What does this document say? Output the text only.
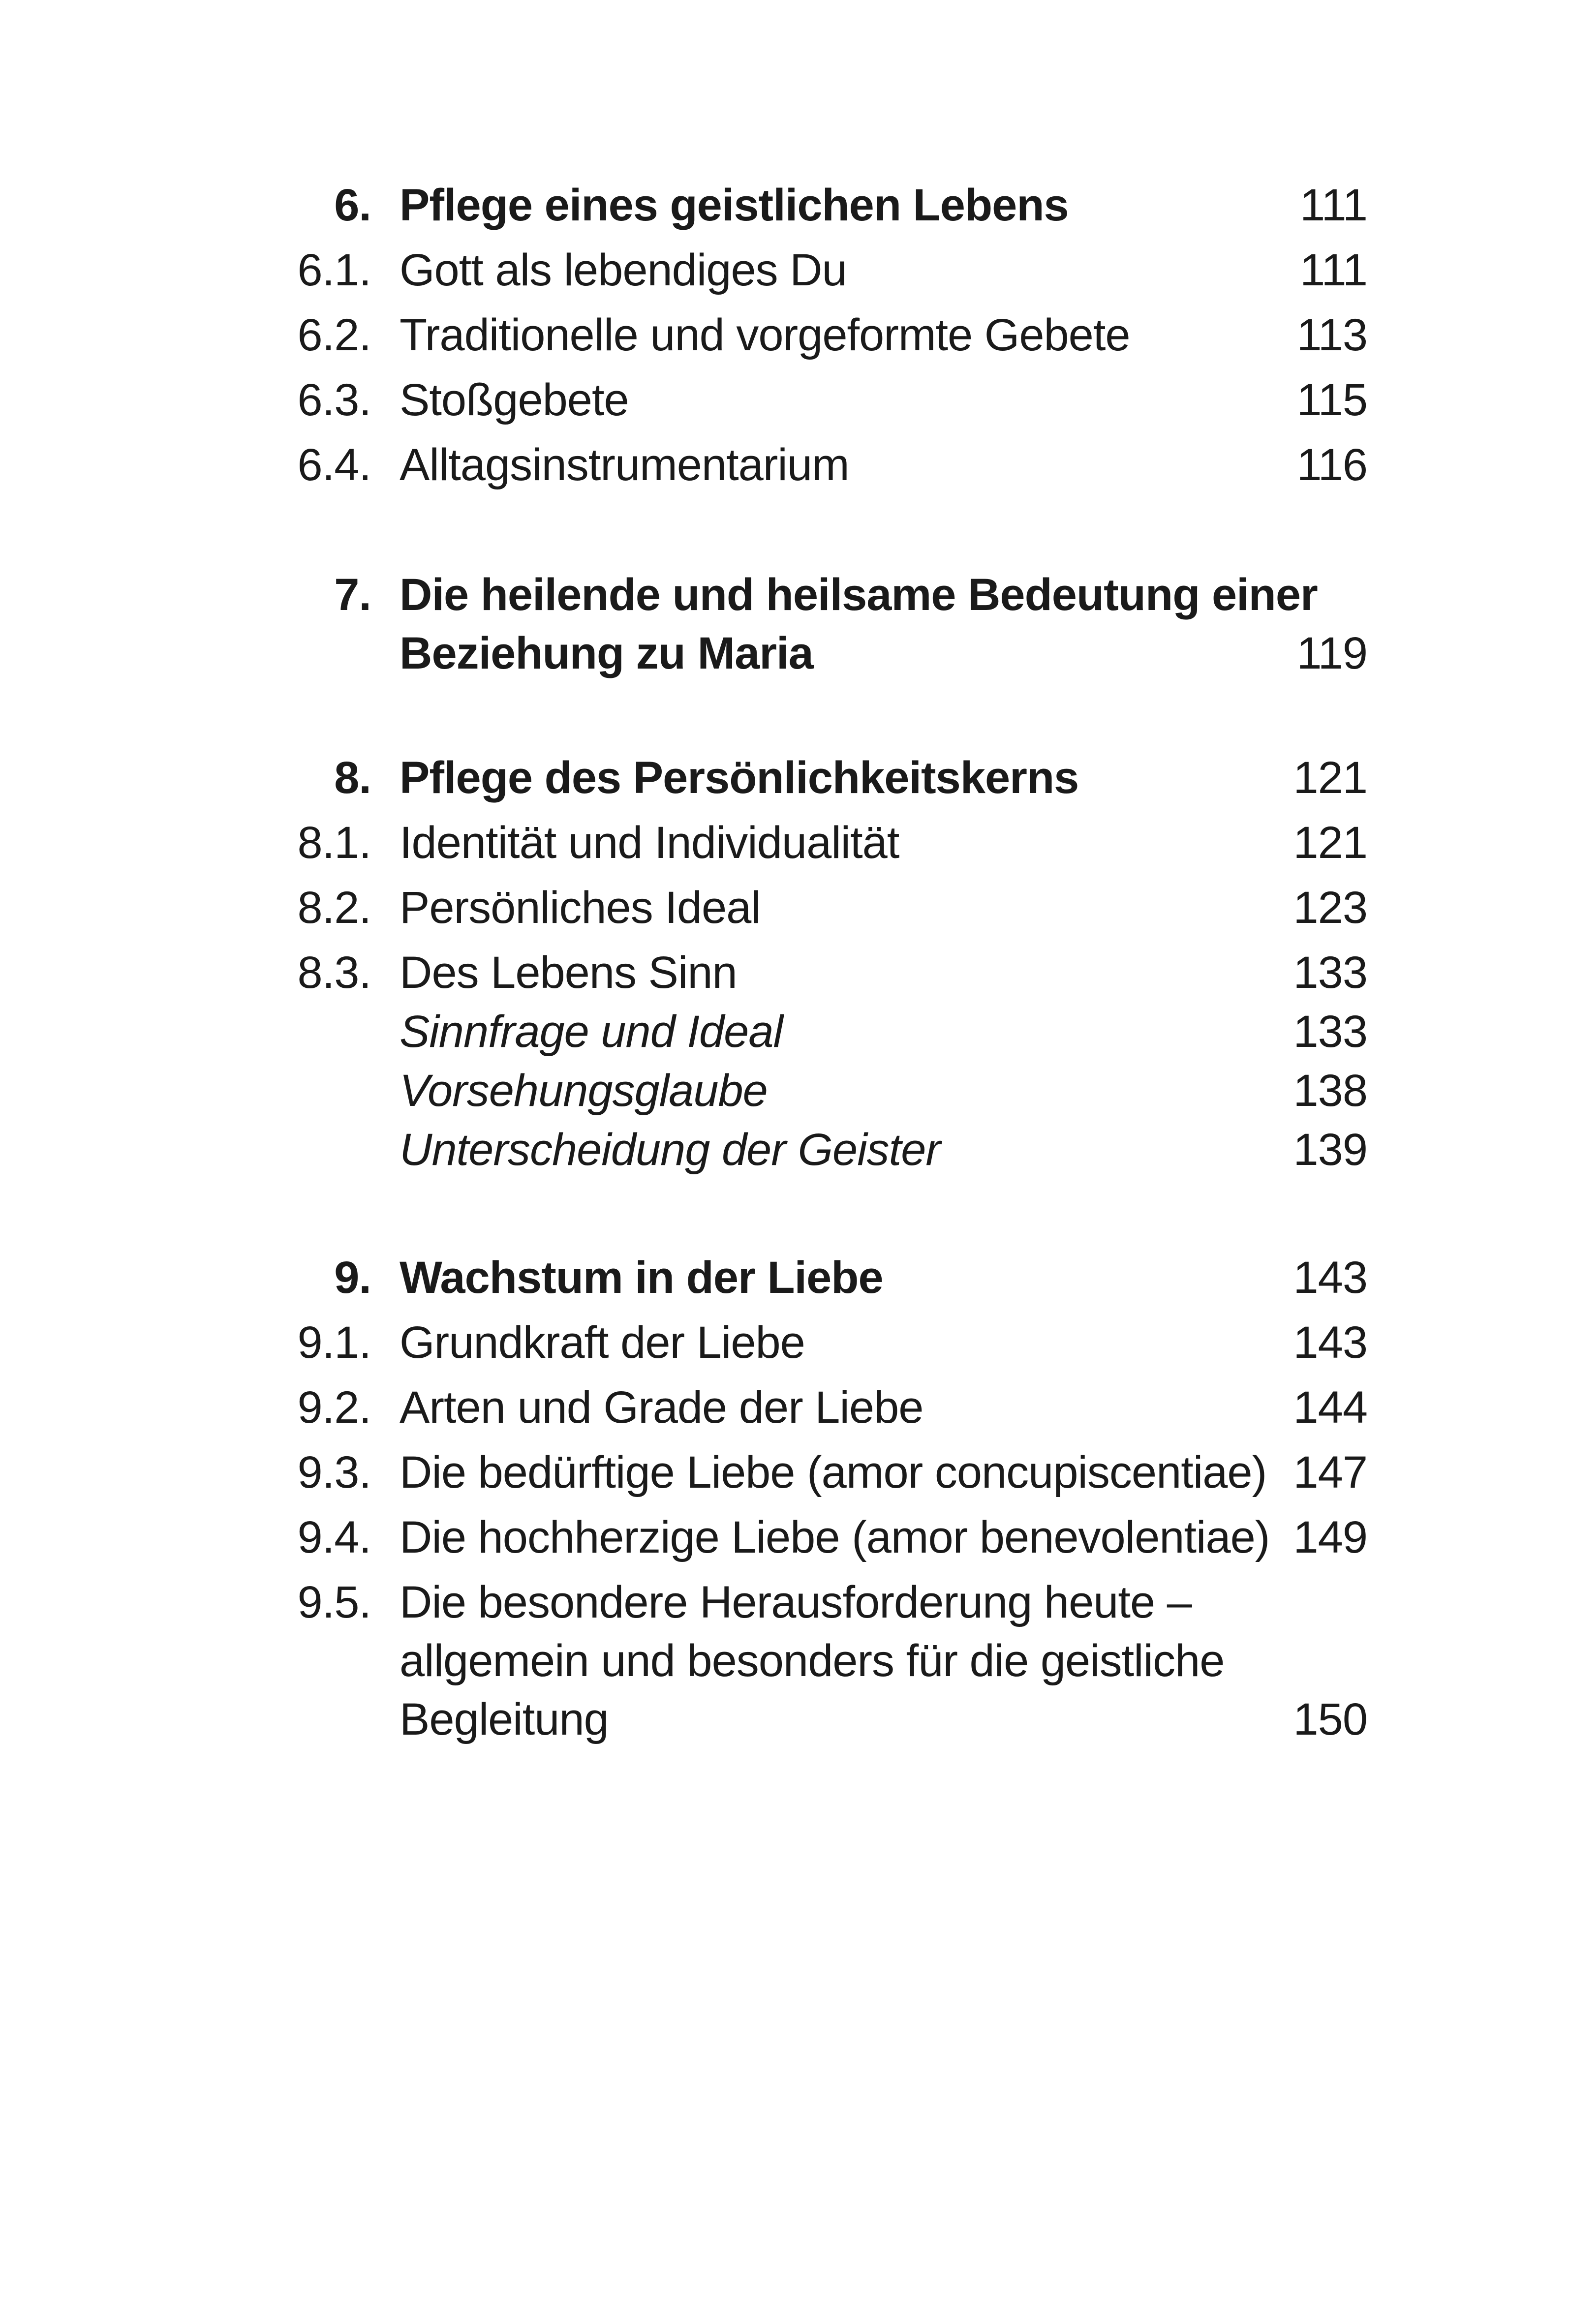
6. Pflege eines geistlichen Lebens	111
6.1. Gott als lebendiges Du	111
6.2. Traditionelle und vorgeformte Gebete	113
6.3. Stoßgebete	115
6.4. Alltagsinstrumentarium	116
7. Die heilende und heilsame Bedeutung einer
Beziehung zu Maria	119
8. Pflege des Persönlichkeitskerns	121
8.1. Identität und Individualität	121
8.2. Persönliches Ideal	123
8.3. Des Lebens Sinn	133
Sinnfrage und Ideal	133
Vorsehungsglaube	138
Unterscheidung der Geister	139
9. Wachstum in der Liebe	143
9.1. Grundkraft der Liebe	143
9.2. Arten und Grade der Liebe	144
9.3. Die bedürftige Liebe (amor concupiscentiae) 147
9.4. Die hochherzige Liebe (amor benevolentiae) 149
9.5. Die besondere Herausforderung heute –
allgemein und besonders für die geistliche
Begleitung	150
